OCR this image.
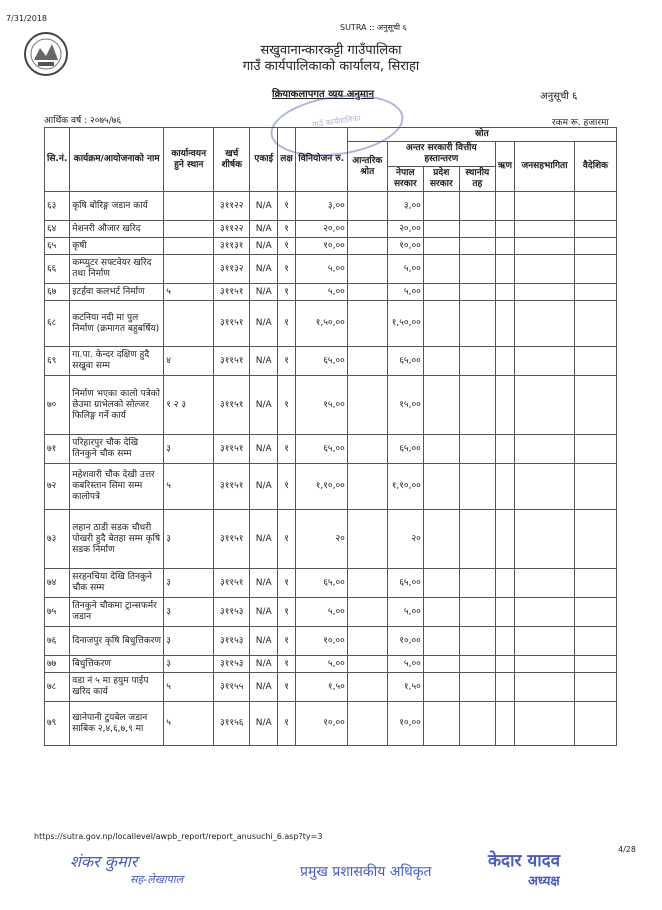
7/31/2018
SUTRA :: अनुसूची ६
सखुवानान्कारकट्टी गाउँपालिका
गाउँ कार्यपालिकाको कार्यालय, सिराहा
क्रियाकलापगत व्यय अनुमान	अनुसूची ६
आर्थिक वर्ष : २०७५/७६	रकम रू. हजारमा
गाउँ कार्यपालिका
सि.नं.	कार्यक्रम/आयोजनाको नाम	कार्यान्वयन हुने स्थान	खर्च शीर्षक	एकाई	लक्ष	विनियोजन रु.	स्रोत						
							आन्तरिक श्रोत	अन्तर सरकारी वित्तीय हस्तान्तरण			ऋण	जनसहभागिता	वैदेशिक
								नेपाल सरकार	प्रदेश सरकार	स्थानीय तह			
६३	कृषि बोरिङ्ग जडान कार्य		३११२२	N/A	१	३,००		३,००					
६४	मेशनरी औजार खरिद		३११२२	N/A	१	२०,००		२०,००					
६५	कृषी		३११३१	N/A	१	१०,००		१०,००					
६६	कम्प्युटर सफ्टवेयर खरिद तथा निर्माण		३११३२	N/A	१	५,००		५,००					
६७	इटर्हवा कलभर्ट निर्माण	५	३११५१	N/A	१	५,००		५,००					
६८	कटनिया नदी मा पुल निर्माण (क्रमागत बहुबर्षिय)		३११५१	N/A	१	१,५०,००		१,५०,००					
६९	गा.पा. केन्दर दक्षिण हुदै सखुवा सम्म	४	३११५१	N/A	१	६५,००		६५,००					
७०	निर्माण भएका कालो पत्रेको छेउमा ग्राभेलको सोल्जर फिलिङ्ग गर्ने कार्य	१ २ ३	३११५१	N/A	१	१५,००		१५,००					
७१	परिहारपुर चौक देखि तिनकुने चौक सम्म	३	३११५१	N/A	१	६५,००		६५,००					
७२	महेशवारी चौक देखी उत्तर कबरिस्तान सिमा सम्म कालोपत्रे	५	३११५१	N/A	१	१,१०,००		१,१०,००					
७३	लहान ठाडी सडक चौधरी पोखरी हुदै बेतहा सम्म कृषि सडक निर्माण	३	३११५१	N/A	१	२०		२०					
७४	सरहनचिया देखि तिनकुने चौक सम्म	३	३११५१	N/A	१	६५,००		६५,००					
७५	तिनकुने चौकमा ट्रान्सफर्मर जडान	३	३११५३	N/A	१	५,००		५,००					
७६	दिनाजपुर कृषि बिधुत्तिकरण	३	३११५३	N/A	१	१०,००		१०,००					
७७	बिधुत्तिकरण	३	३११५३	N/A	१	५,००		५,००					
७८	वडा नं ५ मा हयुम पाईप खरिद कार्य	५	३११५५	N/A	१	१,५०		१,५०					
७९	खानेपानी टुयबेल जडान साबिक २,४,६,७,९ मा	५	३११५६	N/A	१	१०,००		१०,००					
https://sutra.gov.np/locallevel/awpb_report/report_anusuchi_6.asp?ty=3
4/28
शंकर कुमार
सह-लेखापाल	प्रमुख प्रशासकीय अधिकृत
केदार यादव
अध्यक्ष
